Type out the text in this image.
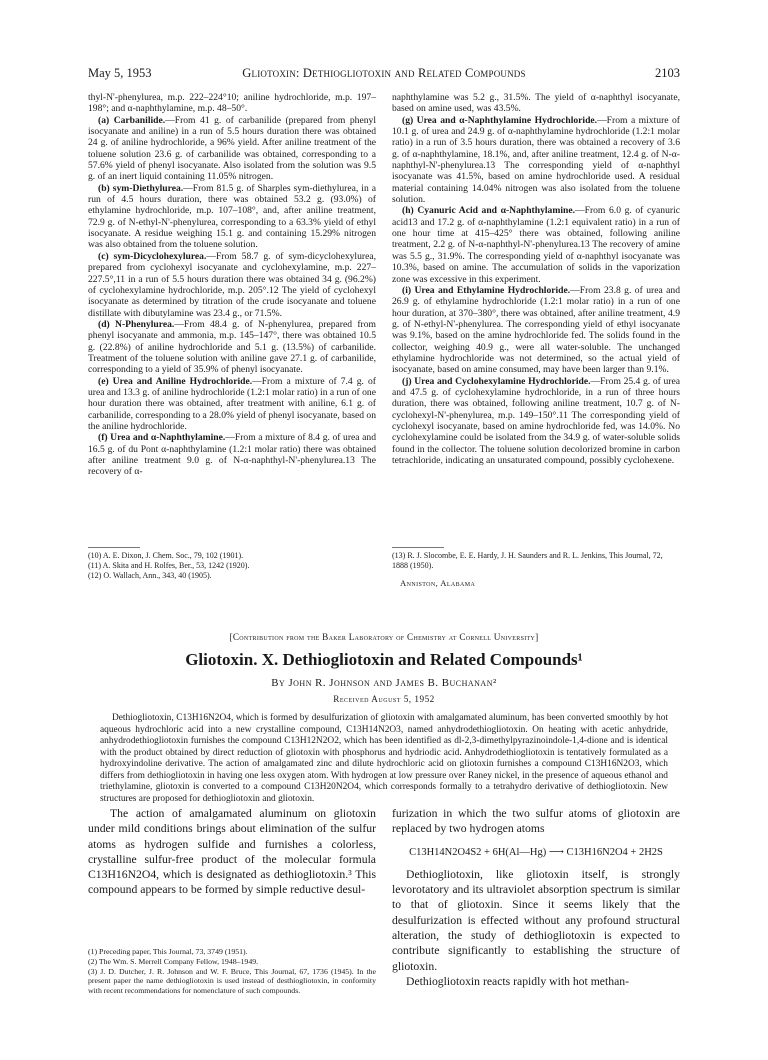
May 5, 1953	Gliotoxin: Dethiogliotoxin and Related Compounds	2103

thyl-N'-phenylurea, m.p. 222–224°10; aniline hydrochloride, m.p. 197–198°; and α-naphthylamine, m.p. 48–50°.

(a) Carbanilide.—From 41 g. of carbanilide (prepared from phenyl isocyanate and aniline) in a run of 5.5 hours duration there was obtained 24 g. of aniline hydrochloride, a 96% yield. After aniline treatment of the toluene solution 23.6 g. of carbanilide was obtained, corresponding to a 57.6% yield of phenyl isocyanate. Also isolated from the solution was 9.5 g. of an inert liquid containing 11.05% nitrogen.

(b) sym-Diethylurea.—From 81.5 g. of Sharples sym-diethylurea, in a run of 4.5 hours duration, there was obtained 53.2 g. (93.0%) of ethylamine hydrochloride, m.p. 107–108°, and, after aniline treatment, 72.9 g. of N-ethyl-N'-phenylurea, corresponding to a 63.3% yield of ethyl isocyanate. A residue weighing 15.1 g. and containing 15.29% nitrogen was also obtained from the toluene solution.

(c) sym-Dicyclohexylurea.—From 58.7 g. of sym-dicyclohexylurea, prepared from cyclohexyl isocyanate and cyclohexylamine, m.p. 227–227.5°,11 in a run of 5.5 hours duration there was obtained 34 g. (96.2%) of cyclohexylamine hydrochloride, m.p. 205°.12 The yield of cyclohexyl isocyanate as determined by titration of the crude isocyanate and toluene distillate with dibutylamine was 23.4 g., or 71.5%.

(d) N-Phenylurea.—From 48.4 g. of N-phenylurea, prepared from phenyl isocyanate and ammonia, m.p. 145–147°, there was obtained 10.5 g. (22.8%) of aniline hydrochloride and 5.1 g. (13.5%) of carbanilide. Treatment of the toluene solution with aniline gave 27.1 g. of carbanilide, corresponding to a yield of 35.9% of phenyl isocyanate.

(e) Urea and Aniline Hydrochloride.—From a mixture of 7.4 g. of urea and 13.3 g. of aniline hydrochloride (1.2:1 molar ratio) in a run of one hour duration there was obtained, after treatment with aniline, 6.1 g. of carbanilide, corresponding to a 28.0% yield of phenyl isocyanate, based on the aniline hydrochloride.

(f) Urea and α-Naphthylamine.—From a mixture of 8.4 g. of urea and 16.5 g. of du Pont α-naphthylamine (1.2:1 molar ratio) there was obtained after aniline treatment 9.0 g. of N-α-naphthyl-N'-phenylurea.13 The recovery of α-

naphthylamine was 5.2 g., 31.5%. The yield of α-naphthyl isocyanate, based on amine used, was 43.5%.

(g) Urea and α-Naphthylamine Hydrochloride.—From a mixture of 10.1 g. of urea and 24.9 g. of α-naphthylamine hydrochloride (1.2:1 molar ratio) in a run of 3.5 hours duration, there was obtained a recovery of 3.6 g. of α-naphthylamine, 18.1%, and, after aniline treatment, 12.4 g. of N-α-naphthyl-N'-phenylurea.13 The corresponding yield of α-naphthyl isocyanate was 41.5%, based on amine hydrochloride used. A residual material containing 14.04% nitrogen was also isolated from the toluene solution.

(h) Cyanuric Acid and α-Naphthylamine.—From 6.0 g. of cyanuric acid13 and 17.2 g. of α-naphthylamine (1.2:1 equivalent ratio) in a run of one hour time at 415–425° there was obtained, following aniline treatment, 2.2 g. of N-α-naphthyl-N'-phenylurea.13 The recovery of amine was 5.5 g., 31.9%. The corresponding yield of α-naphthyl isocyanate was 10.3%, based on amine. The accumulation of solids in the vaporization zone was excessive in this experiment.

(i) Urea and Ethylamine Hydrochloride.—From 23.8 g. of urea and 26.9 g. of ethylamine hydrochloride (1.2:1 molar ratio) in a run of one hour duration, at 370–380°, there was obtained, after aniline treatment, 4.9 g. of N-ethyl-N'-phenylurea. The corresponding yield of ethyl isocyanate was 9.1%, based on the amine hydrochloride fed. The solids found in the collector, weighing 40.9 g., were all water-soluble. The unchanged ethylamine hydrochloride was not determined, so the actual yield of isocyanate, based on amine consumed, may have been larger than 9.1%.

(j) Urea and Cyclohexylamine Hydrochloride.—From 25.4 g. of urea and 47.5 g. of cyclohexylamine hydrochloride, in a run of three hours duration, there was obtained, following aniline treatment, 10.7 g. of N-cyclohexyl-N'-phenylurea, m.p. 149–150°.11 The corresponding yield of cyclohexyl isocyanate, based on amine hydrochloride fed, was 14.0%. No cyclohexylamine could be isolated from the 34.9 g. of water-soluble solids found in the collector. The toluene solution decolorized bromine in carbon tetrachloride, indicating an unsaturated compound, possibly cyclohexene.

(10) A. E. Dixon, J. Chem. Soc., 79, 102 (1901).
(11) A. Skita and H. Rolfes, Ber., 53, 1242 (1920).
(12) O. Wallach, Ann., 343, 40 (1905).
(13) R. J. Slocombe, E. E. Hardy, J. H. Saunders and R. L. Jenkins, This Journal, 72, 1888 (1950).
Anniston, Alabama
[Contribution from the Baker Laboratory of Chemistry at Cornell University]
Gliotoxin. X. Dethiogliotoxin and Related Compounds¹
By John R. Johnson and James B. Buchanan²
Received August 5, 1952
Dethiogliotoxin, C13H16N2O4, which is formed by desulfurization of gliotoxin with amalgamated aluminum, has been converted smoothly by hot aqueous hydrochloric acid into a new crystalline compound, C13H14N2O3, named anhydrodethiogliotoxin. On heating with acetic anhydride, anhydrodethiogliotoxin furnishes the compound C13H12N2O2, which has been identified as dl-2,3-dimethylpyrazinoindole-1,4-dione and is identical with the product obtained by direct reduction of gliotoxin with phosphorus and hydriodic acid. Anhydrodethiogliotoxin is tentatively formulated as a hydroxyindoline derivative. The action of amalgamated zinc and dilute hydrochloric acid on gliotoxin furnishes a compound C13H16N2O3, which differs from dethiogliotoxin in having one less oxygen atom. With hydrogen at low pressure over Raney nickel, in the presence of aqueous ethanol and triethylamine, gliotoxin is converted to a compound C13H20N2O4, which corresponds formally to a tetrahydro derivative of dethiogliotoxin. New structures are proposed for dethiogliotoxin and gliotoxin.

The action of amalgamated aluminum on gliotoxin under mild conditions brings about elimination of the sulfur atoms as hydrogen sulfide and furnishes a colorless, crystalline sulfur-free product of the molecular formula C13H16N2O4, which is designated as dethiogliotoxin.³ This compound appears to be formed by simple reductive desul-

(1) Preceding paper, This Journal, 73, 3749 (1951).
(2) The Wm. S. Merrell Company Fellow, 1948–1949.
(3) J. D. Dutcher, J. R. Johnson and W. F. Bruce, This Journal, 67, 1736 (1945). In the present paper the name dethiogliotoxin is used instead of desthiogliotoxin, in conformity with recent recommendations for nomenclature of such compounds.

furization in which the two sulfur atoms of gliotoxin are replaced by two hydrogen atoms

C13H14N2O4S2 + 6H(Al—Hg) ⟶ C13H16N2O4 + 2H2S

Dethiogliotoxin, like gliotoxin itself, is strongly levorotatory and its ultraviolet absorption spectrum is similar to that of gliotoxin. Since it seems likely that the desulfurization is effected without any profound structural alteration, the study of dethiogliotoxin is expected to contribute significantly to establishing the structure of gliotoxin.

Dethiogliotoxin reacts rapidly with hot methan-
